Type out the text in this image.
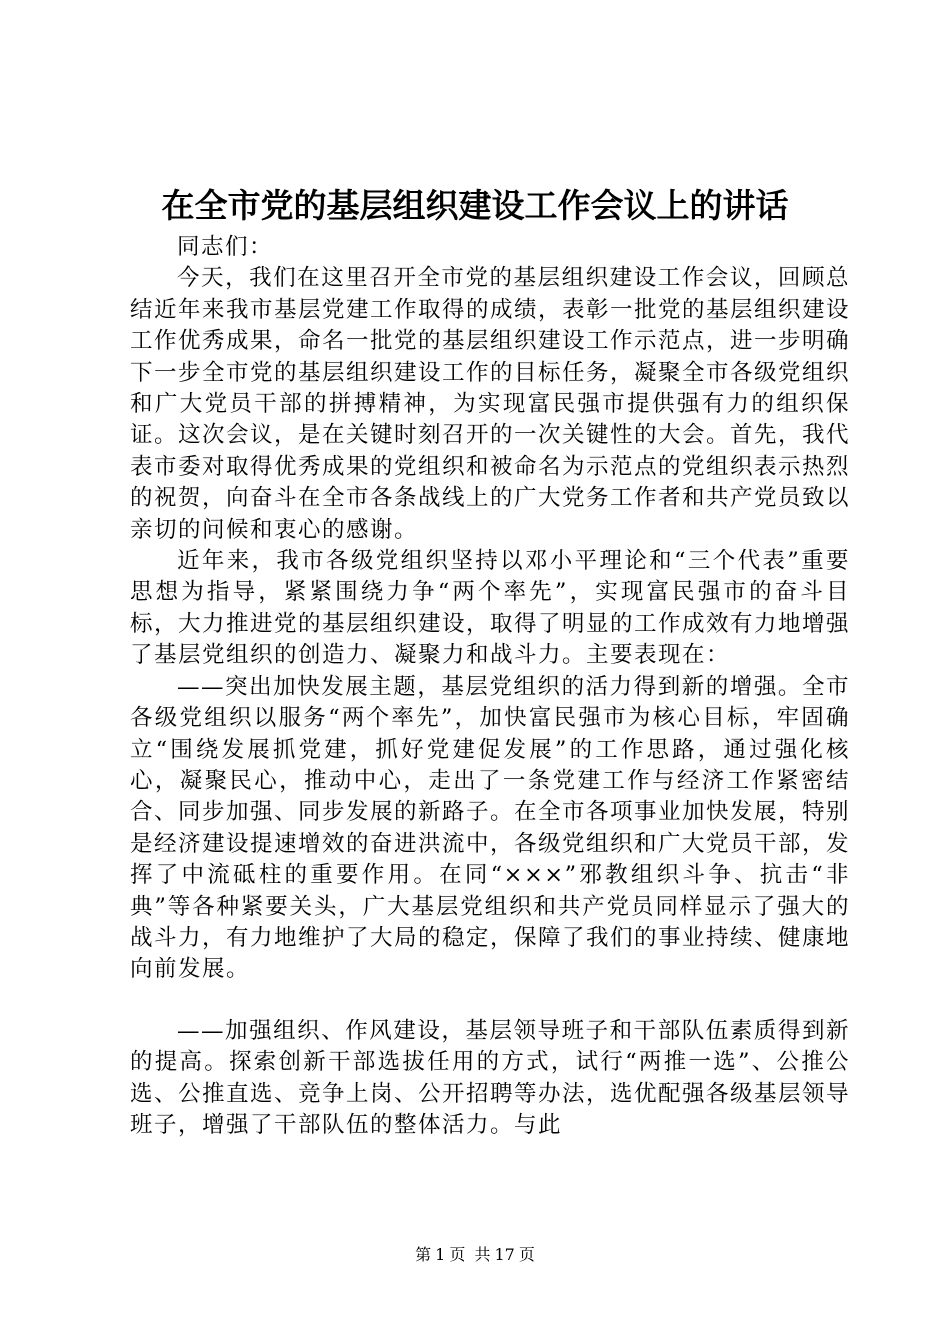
在全市党的基层组织建设工作会议上的讲话

同志们：

今天，我们在这里召开全市党的基层组织建设工作会议，回顾总结近年来我市基层党建工作取得的成绩，表彰一批党的基层组织建设工作优秀成果，命名一批党的基层组织建设工作示范点，进一步明确下一步全市党的基层组织建设工作的目标任务，凝聚全市各级党组织和广大党员干部的拼搏精神，为实现富民强市提供强有力的组织保证。这次会议，是在关键时刻召开的一次关键性的大会。首先，我代表市委对取得优秀成果的党组织和被命名为示范点的党组织表示热烈的祝贺，向奋斗在全市各条战线上的广大党务工作者和共产党员致以亲切的问候和衷心的感谢。

近年来，我市各级党组织坚持以邓小平理论和“三个代表”重要思想为指导，紧紧围绕力争“两个率先”，实现富民强市的奋斗目标，大力推进党的基层组织建设，取得了明显的工作成效有力地增强了基层党组织的创造力、凝聚力和战斗力。主要表现在：

——突出加快发展主题，基层党组织的活力得到新的增强。全市各级党组织以服务“两个率先”，加快富民强市为核心目标，牢固确立“围绕发展抓党建，抓好党建促发展”的工作思路，通过强化核心，凝聚民心，推动中心，走出了一条党建工作与经济工作紧密结合、同步加强、同步发展的新路子。在全市各项事业加快发展，特别是经济建设提速增效的奋进洪流中，各级党组织和广大党员干部，发挥了中流砥柱的重要作用。在同“×××”邪教组织斗争、抗击“非典”等各种紧要关头，广大基层党组织和共产党员同样显示了强大的战斗力，有力地维护了大局的稳定，保障了我们的事业持续、健康地向前发展。

——加强组织、作风建设，基层领导班子和干部队伍素质得到新的提高。探索创新干部选拔任用的方式，试行“两推一选”、公推公选、公推直选、竞争上岗、公开招聘等办法，选优配强各级基层领导班子，增强了干部队伍的整体活力。与此

第 1 页 共 17 页
